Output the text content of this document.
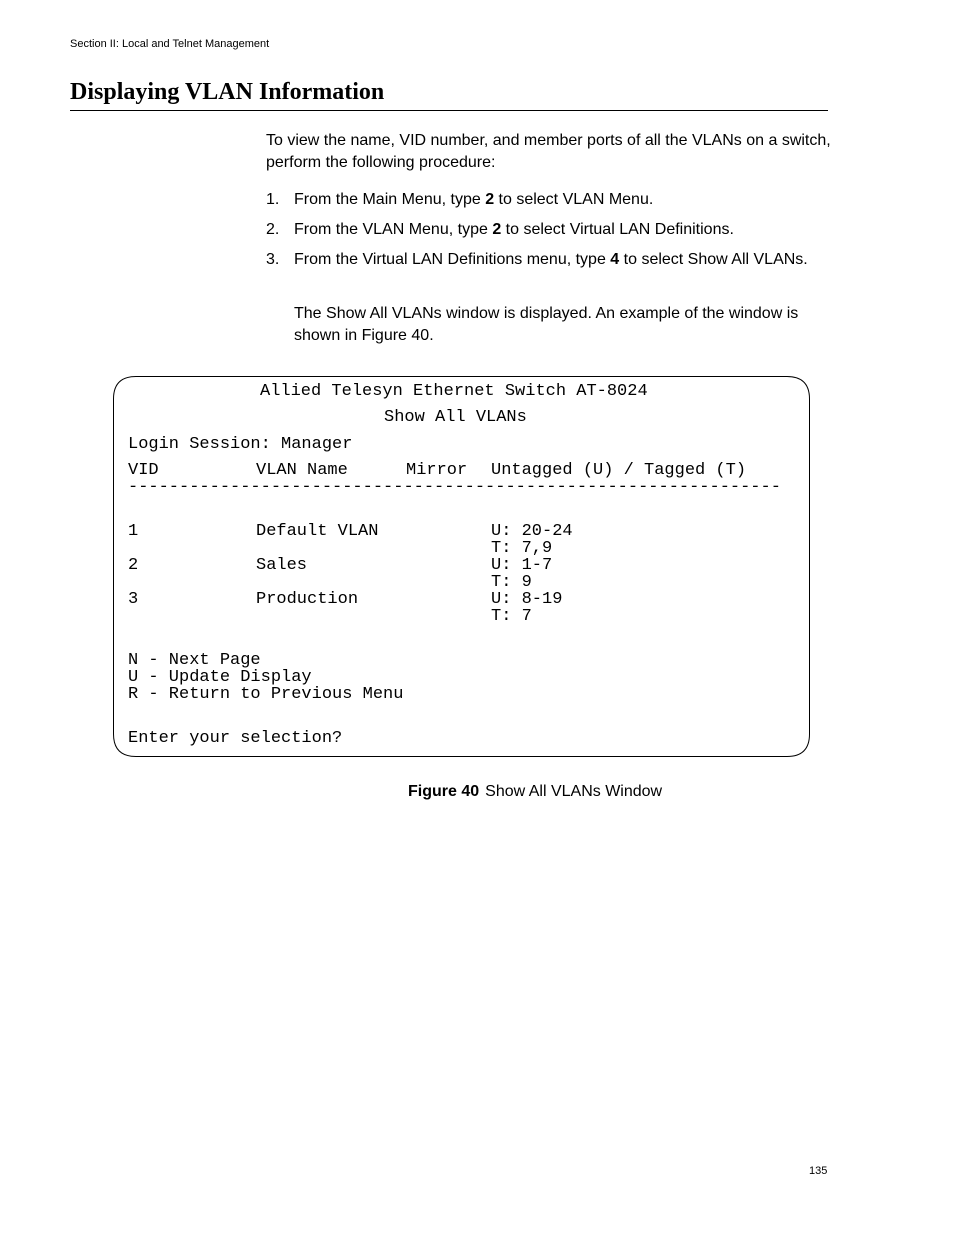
Section II: Local and Telnet Management
Displaying VLAN Information

To view the name, VID number, and member ports of all the VLANs on a switch, perform the following procedure:

1. From the Main Menu, type 2 to select VLAN Menu.
2. From the VLAN Menu, type 2 to select Virtual LAN Definitions.
3. From the Virtual LAN Definitions menu, type 4 to select Show All VLANs.

The Show All VLANs window is displayed. An example of the window is shown in Figure 40.

Allied Telesyn Ethernet Switch AT-8024
Show All VLANs
Login Session: Manager
VID	VLAN Name	Mirror Untagged (U) / Tagged (T)
----------------------------------------------------------------
1	Default VLAN	U: 20-24
T: 7,9
2	Sales	U: 1-7
T: 9
3	Production	U: 8-19
T: 7
N - Next Page
U - Update Display
R - Return to Previous Menu
Enter your selection?
Figure 40 Show All VLANs Window
135
